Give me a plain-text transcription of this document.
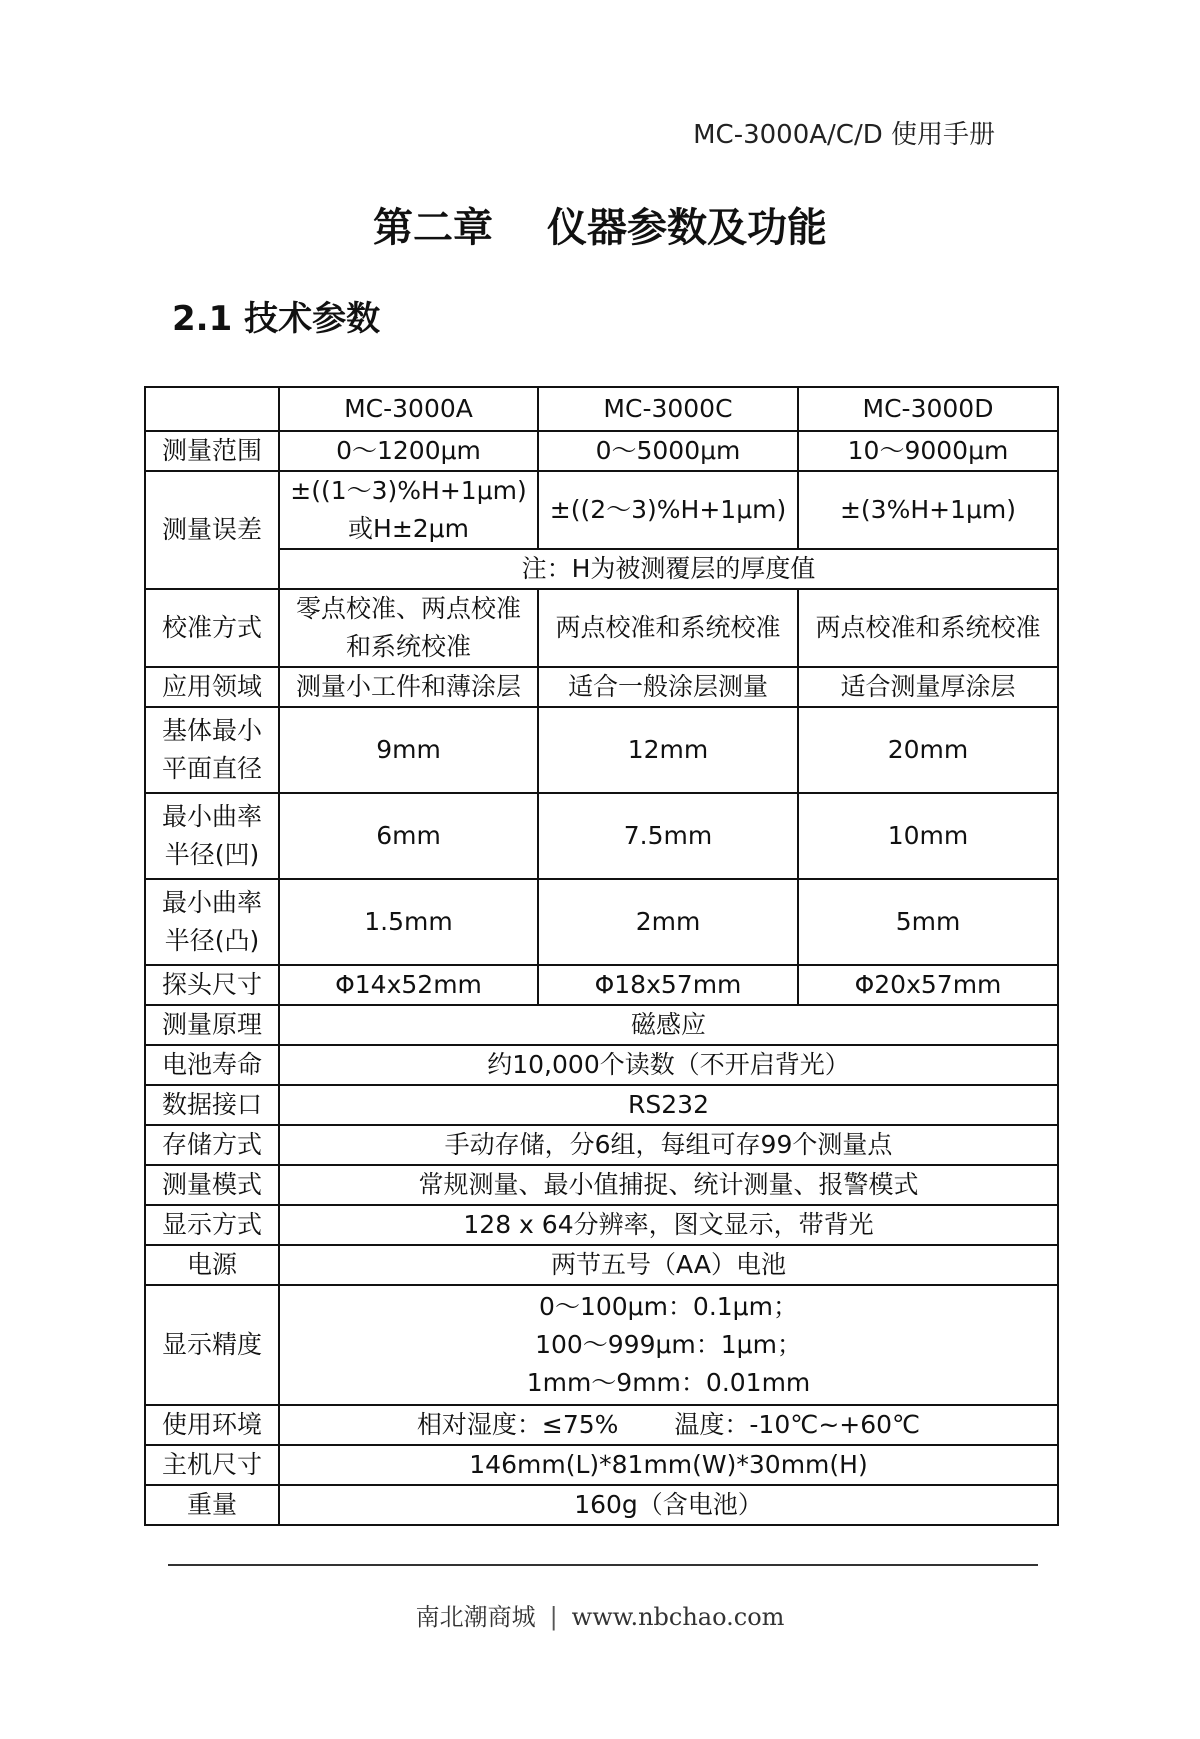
MC-3000A/C/D 使用手册
第二章　 仪器参数及功能
2.1 技术参数
	MC-3000A	MC-3000C	MC-3000D
测量范围	0～1200μm	0～5000μm	10～9000μm
测量误差	±((1～3)%H+1μm)
或H±2μm	±((2～3)%H+1μm)	±(3%H+1μm)
	注：H为被测覆层的厚度值		
校准方式	零点校准、两点校准
和系统校准	两点校准和系统校准	两点校准和系统校准
应用领域	测量小工件和薄涂层	适合一般涂层测量	适合测量厚涂层

基体最小
平面直径	9mm	12mm	20mm

最小曲率
半径(凹)	6mm	7.5mm	10mm

最小曲率
半径(凸)	1.5mm	2mm	5mm
探头尺寸	Φ14x52mm	Φ18x57mm	Φ20x57mm
测量原理	磁感应		
电池寿命	约10,000个读数（不开启背光）		
数据接口	RS232		
存储方式	手动存储，分6组，每组可存99个测量点		
测量模式	常规测量、最小值捕捉、统计测量、报警模式		
显示方式	128 x 64分辨率，图文显示，带背光		
电源	两节五号（AA）电池		
显示精度	0～100μm：0.1μm；
100～999μm：1μm；
1mm～9mm：0.01mm		

使用环境	相对湿度：≤75% 温度：-10℃~+60℃		
主机尺寸	146mm(L)*81mm(W)*30mm(H)		
重量	160g（含电池）		
南北潮商城 | www.nbchao.com
